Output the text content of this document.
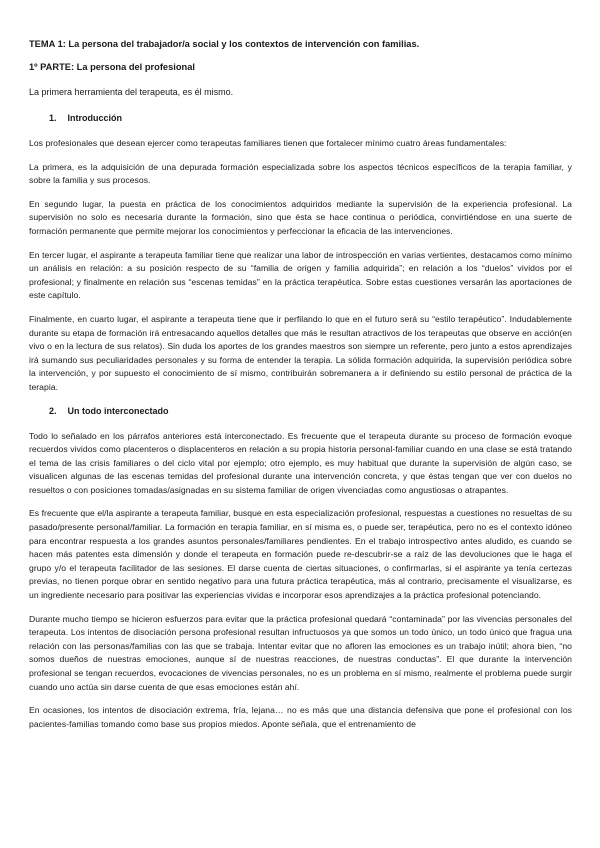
TEMA 1: La persona del trabajador/a social y los contextos de intervención con familias.
1º PARTE: La persona del profesional
La primera herramienta del terapeuta, es él mismo.
1. Introducción

Los profesionales que desean ejercer como terapeutas familiares tienen que fortalecer mínimo cuatro áreas fundamentales:

La primera, es la adquisición de una depurada formación especializada sobre los aspectos técnicos específicos de la terapia familiar, y sobre la familia y sus procesos.

En segundo lugar, la puesta en práctica de los conocimientos adquiridos mediante la supervisión de la experiencia profesional. La supervisión no solo es necesaria durante la formación, sino que ésta se hace continua o periódica, convirtiéndose en una suerte de formación permanente que permite mejorar los conocimientos y perfeccionar la eficacia de las intervenciones.

En tercer lugar, el aspirante a terapeuta familiar tiene que realizar una labor de introspección en varias vertientes, destacamos como mínimo un análisis en relación: a su posición respecto de su “familia de origen y familia adquirida”; en relación a los “duelos” vividos por el profesional; y finalmente en relación sus “escenas temidas” en la práctica terapéutica. Sobre estas cuestiones versarán las aportaciones de este capítulo.

Finalmente, en cuarto lugar, el aspirante a terapeuta tiene que ir perfilando lo que en el futuro será su “estilo terapéutico”. Indudablemente durante su etapa de formación irá entresacando aquellos detalles que más le resultan atractivos de los terapeutas que observe en acción(en vivo o en la lectura de sus relatos). Sin duda los aportes de los grandes maestros son siempre un referente, pero junto a estos aprendizajes irá sumando sus peculiaridades personales y su forma de entender la terapia. La sólida formación adquirida, la supervisión periódica sobre la intervención, y por supuesto el conocimiento de sí mismo, contribuirán sobremanera a ir definiendo su estilo personal de práctica de la terapia.

2. Un todo interconectado

Todo lo señalado en los párrafos anteriores está interconectado. Es frecuente que el terapeuta durante su proceso de formación evoque recuerdos vividos como placenteros o displacenteros en relación a su propia historia personal-familiar cuando en una clase se está tratando el tema de las crisis familiares o del ciclo vital por ejemplo; otro ejemplo, es muy habitual que durante la supervisión de algún caso, se visualicen algunas de las escenas temidas del profesional durante una intervención concreta, y que éstas tengan que ver con duelos no resueltos o con posiciones tomadas/asignadas en su sistema familiar de origen vivenciadas como angustiosas o atrapantes.

Es frecuente que el/la aspirante a terapeuta familiar, busque en esta especialización profesional, respuestas a cuestiones no resueltas de su pasado/presente personal/familiar. La formación en terapia familiar, en sí misma es, o puede ser, terapéutica, pero no es el contexto idóneo para encontrar respuesta a los grandes asuntos personales/familiares pendientes. En el trabajo introspectivo antes aludido, es cuando se hacen más patentes esta dimensión y donde el terapeuta en formación puede re-descubrir-se a raíz de las devoluciones que le haga el grupo y/o el terapeuta facilitador de las sesiones. El darse cuenta de ciertas situaciones, o confirmarlas, si el aspirante ya tenía certezas previas, no tienen porque obrar en sentido negativo para una futura práctica terapéutica, más al contrario, precisamente el visualizarse, es un ingrediente necesario para positivar las experiencias vividas e incorporar esos aprendizajes a la práctica profesional potenciando.

Durante mucho tiempo se hicieron esfuerzos para evitar que la práctica profesional quedará “contaminada” por las vivencias personales del terapeuta. Los intentos de disociación persona profesional resultan infructuosos ya que somos un todo único, un todo único que fragua una relación con las personas/familias con las que se trabaja. Intentar evitar que no afloren las emociones es un trabajo inútil; ahora bien, “no somos dueños de nuestras emociones, aunque sí de nuestras reacciones, de nuestras conductas”. El que durante la intervención profesional se tengan recuerdos, evocaciones de vivencias personales, no es un problema en sí mismo, realmente el problema puede surgir cuando uno actúa sin darse cuenta de que esas emociones están ahí.

En ocasiones, los intentos de disociación extrema, fría, lejana… no es más que una distancia defensiva que pone el profesional con los pacientes-familias tomando como base sus propios miedos. Aponte señala, que el entrenamiento de
